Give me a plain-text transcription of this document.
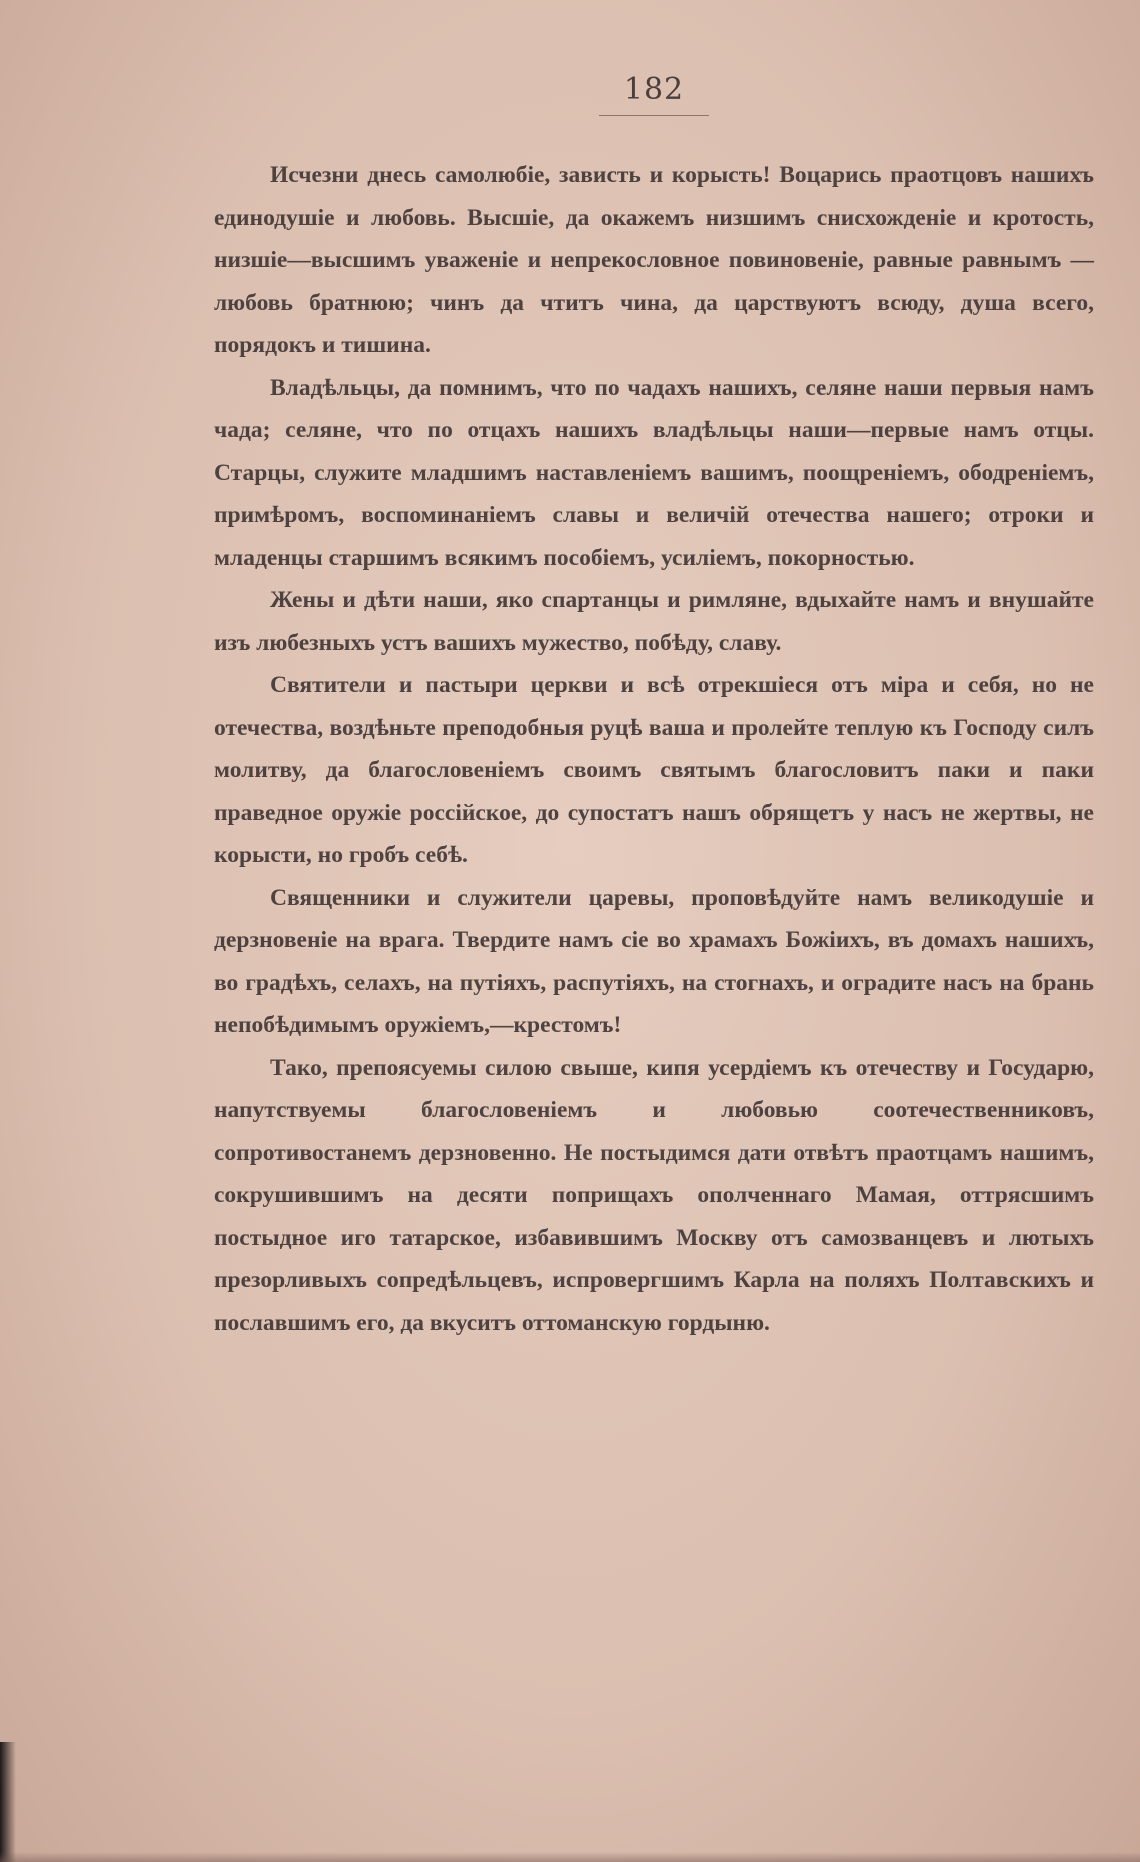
182

Исчезни днесь самолюбіе, зависть и корысть! Воцарись праотцовъ нашихъ единодушіе и любовь. Высшіе, да окажемъ низшимъ снисхожденіе и кротость, низшіе—высшимъ уваженіе и непрекословное повиновеніе, равные равнымъ — любовь братнюю; чинъ да чтитъ чина, да царствуютъ всюду, душа всего, порядокъ и тишина.

Владѣльцы, да помнимъ, что по чадахъ нашихъ, селяне наши первыя намъ чада; селяне, что по отцахъ нашихъ владѣльцы наши—первые намъ отцы. Старцы, служите младшимъ наставленіемъ вашимъ, поощреніемъ, ободреніемъ, примѣромъ, воспоминаніемъ славы и величій отечества нашего; отроки и младенцы старшимъ всякимъ пособіемъ, усиліемъ, покорностью.

Жены и дѣти наши, яко спартанцы и римляне, вдыхайте намъ и внушайте изъ любезныхъ устъ вашихъ мужество, побѣду, славу.

Святители и пастыри церкви и всѣ отрекшіеся отъ міра и себя, но не отечества, воздѣньте преподобныя руцѣ ваша и пролейте теплую къ Господу силъ молитву, да благословеніемъ своимъ святымъ благословитъ паки и паки праведное оружіе россійское, до супостатъ нашъ обрящетъ у насъ не жертвы, не корысти, но гробъ себѣ.

Священники и служители царевы, проповѣдуйте намъ великодушіе и дерзновеніе на врага. Твердите намъ сіе во храмахъ Божіихъ, въ домахъ нашихъ, во градѣхъ, селахъ, на путіяхъ, распутіяхъ, на стогнахъ, и оградите насъ на брань непобѣдимымъ оружіемъ,—крестомъ!

Тако, препоясуемы силою свыше, кипя усердіемъ къ отечеству и Государю, напутствуемы благословеніемъ и любовью соотечественниковъ, сопротивостанемъ дерзновенно. Не постыдимся дати отвѣтъ праотцамъ нашимъ, сокрушившимъ на десяти поприщахъ ополченнаго Мамая, оттрясшимъ постыдное иго татарское, избавившимъ Москву отъ самозванцевъ и лютыхъ презорливыхъ сопредѣльцевъ, испровергшимъ Карла на поляхъ Полтавскихъ и пославшимъ его, да вкуситъ оттоманскую гордыню.
